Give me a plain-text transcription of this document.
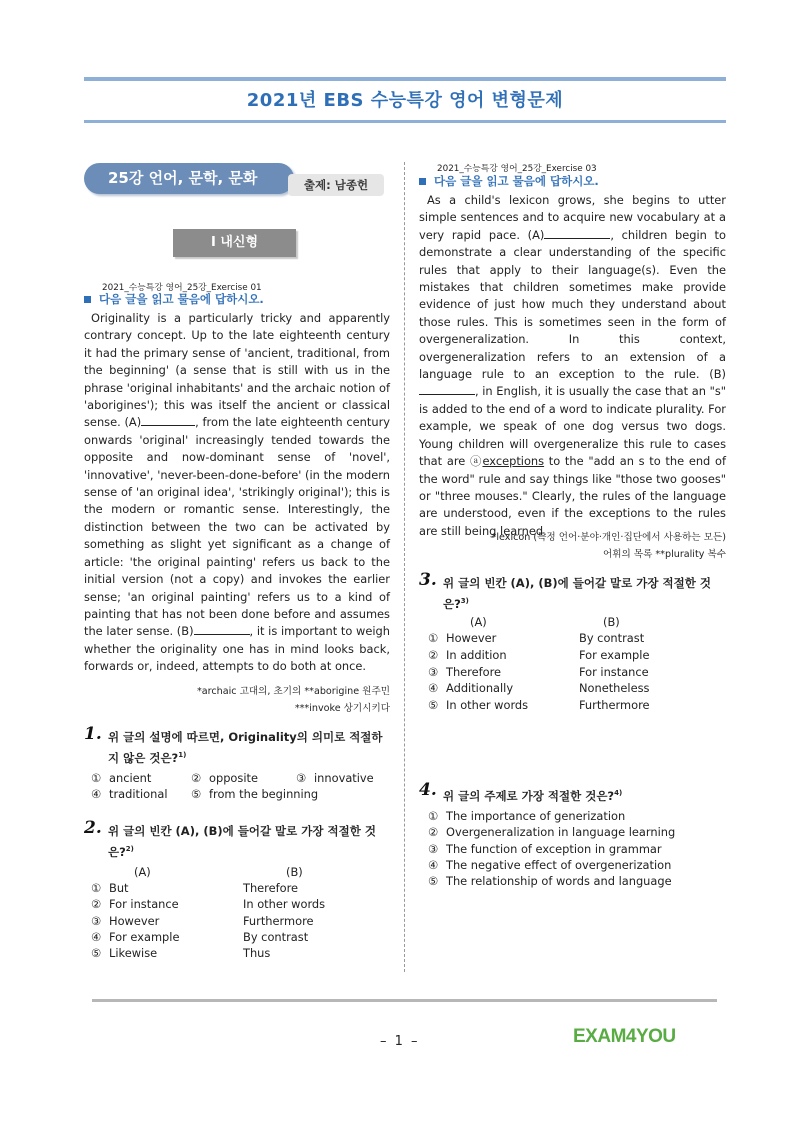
2021년 EBS 수능특강 영어 변형문제
25강 언어, 문학, 문화	출제: 남종헌
I 내신형
2021_수능특강 영어_25강_Exercise 01
다음 글을 읽고 물음에 답하시오.
Originality is a particularly tricky and apparently contrary concept. Up to the late eighteenth century it had the primary sense of 'ancient, traditional, from the beginning' (a sense that is still with us in the phrase 'original inhabitants' and the archaic notion of 'aborigines'); this was itself the ancient or classical sense. (A)	, from the late eighteenth century onwards 'original' increasingly tended towards the opposite and now-dominant sense of 'novel', 'innovative', 'never-been-done-before' (in the modern sense of 'an original idea', 'strikingly original'); this is the modern or romantic sense. Interestingly, the distinction between the two can be activated by something as slight yet significant as a change of article: 'the original painting' refers us back to the initial version (not a copy) and invokes the earlier sense; 'an original painting' refers us to a kind of painting that has not been done before and assumes the later sense. (B)	, it is important to weigh whether the originality one has in mind looks back, forwards or, indeed, attempts to do both at once.
*archaic 고대의, 초기의 **aborigine 원주민
***invoke 상기시키다
1. 위 글의 설명에 따르면, Originality의 의미로 적절하지 않은 것은?$^{1)}$
① ancient	② opposite	③ innovative
④ traditional ⑤ from the beginning
2. 위 글의 빈칸 (A), (B)에 들어갈 말로 가장 적절한 것은?$^{2)}$
(A)	(B)
① But	Therefore
② For instance	In other words
③ However	Furthermore
④ For example	By contrast
⑤ Likewise	Thus
2021_수능특강 영어_25강_Exercise 03
다음 글을 읽고 물음에 답하시오.
As a child's lexicon grows, she begins to utter simple sentences and to acquire new vocabulary at a very rapid pace. (A)	, children begin to demonstrate a clear understanding of the specific rules that apply to their language(s). Even the mistakes that children sometimes make provide evidence of just how much they understand about those rules. This is sometimes seen in the form of overgeneralization. In this context, overgeneralization refers to an extension of a language rule to an exception to the rule. (B), in English, it is usually the case that an "s" is added to the end of a word to indicate plurality. For example, we speak of one dog versus two dogs. Young children will overgeneralize this rule to cases that are ⓐexceptions to the "add an s to the end of the word" rule and say things like "those two gooses" or "three mouses." Clearly, the rules of the language are understood, even if the exceptions to the rules are still being learned.
*lexicon (특정 언어·분야·개인·집단에서 사용하는 모든)
어휘의 목록 **plurality 복수
3. 위 글의 빈칸 (A), (B)에 들어갈 말로 가장 적절한 것은?$^{3)}$
(A)	(B)
① However	By contrast
② In addition	For example
③ Therefore	For instance
④ Additionally	Nonetheless
⑤ In other words	Furthermore
4. 위 글의 주제로 가장 적절한 것은?$^{4)}$
① The importance of generization
② Overgeneralization in language learning
③ The function of exception in grammar
④ The negative effect of overgenerization
⑤ The relationship of words and language
– 1 –	EXAM4YOU
